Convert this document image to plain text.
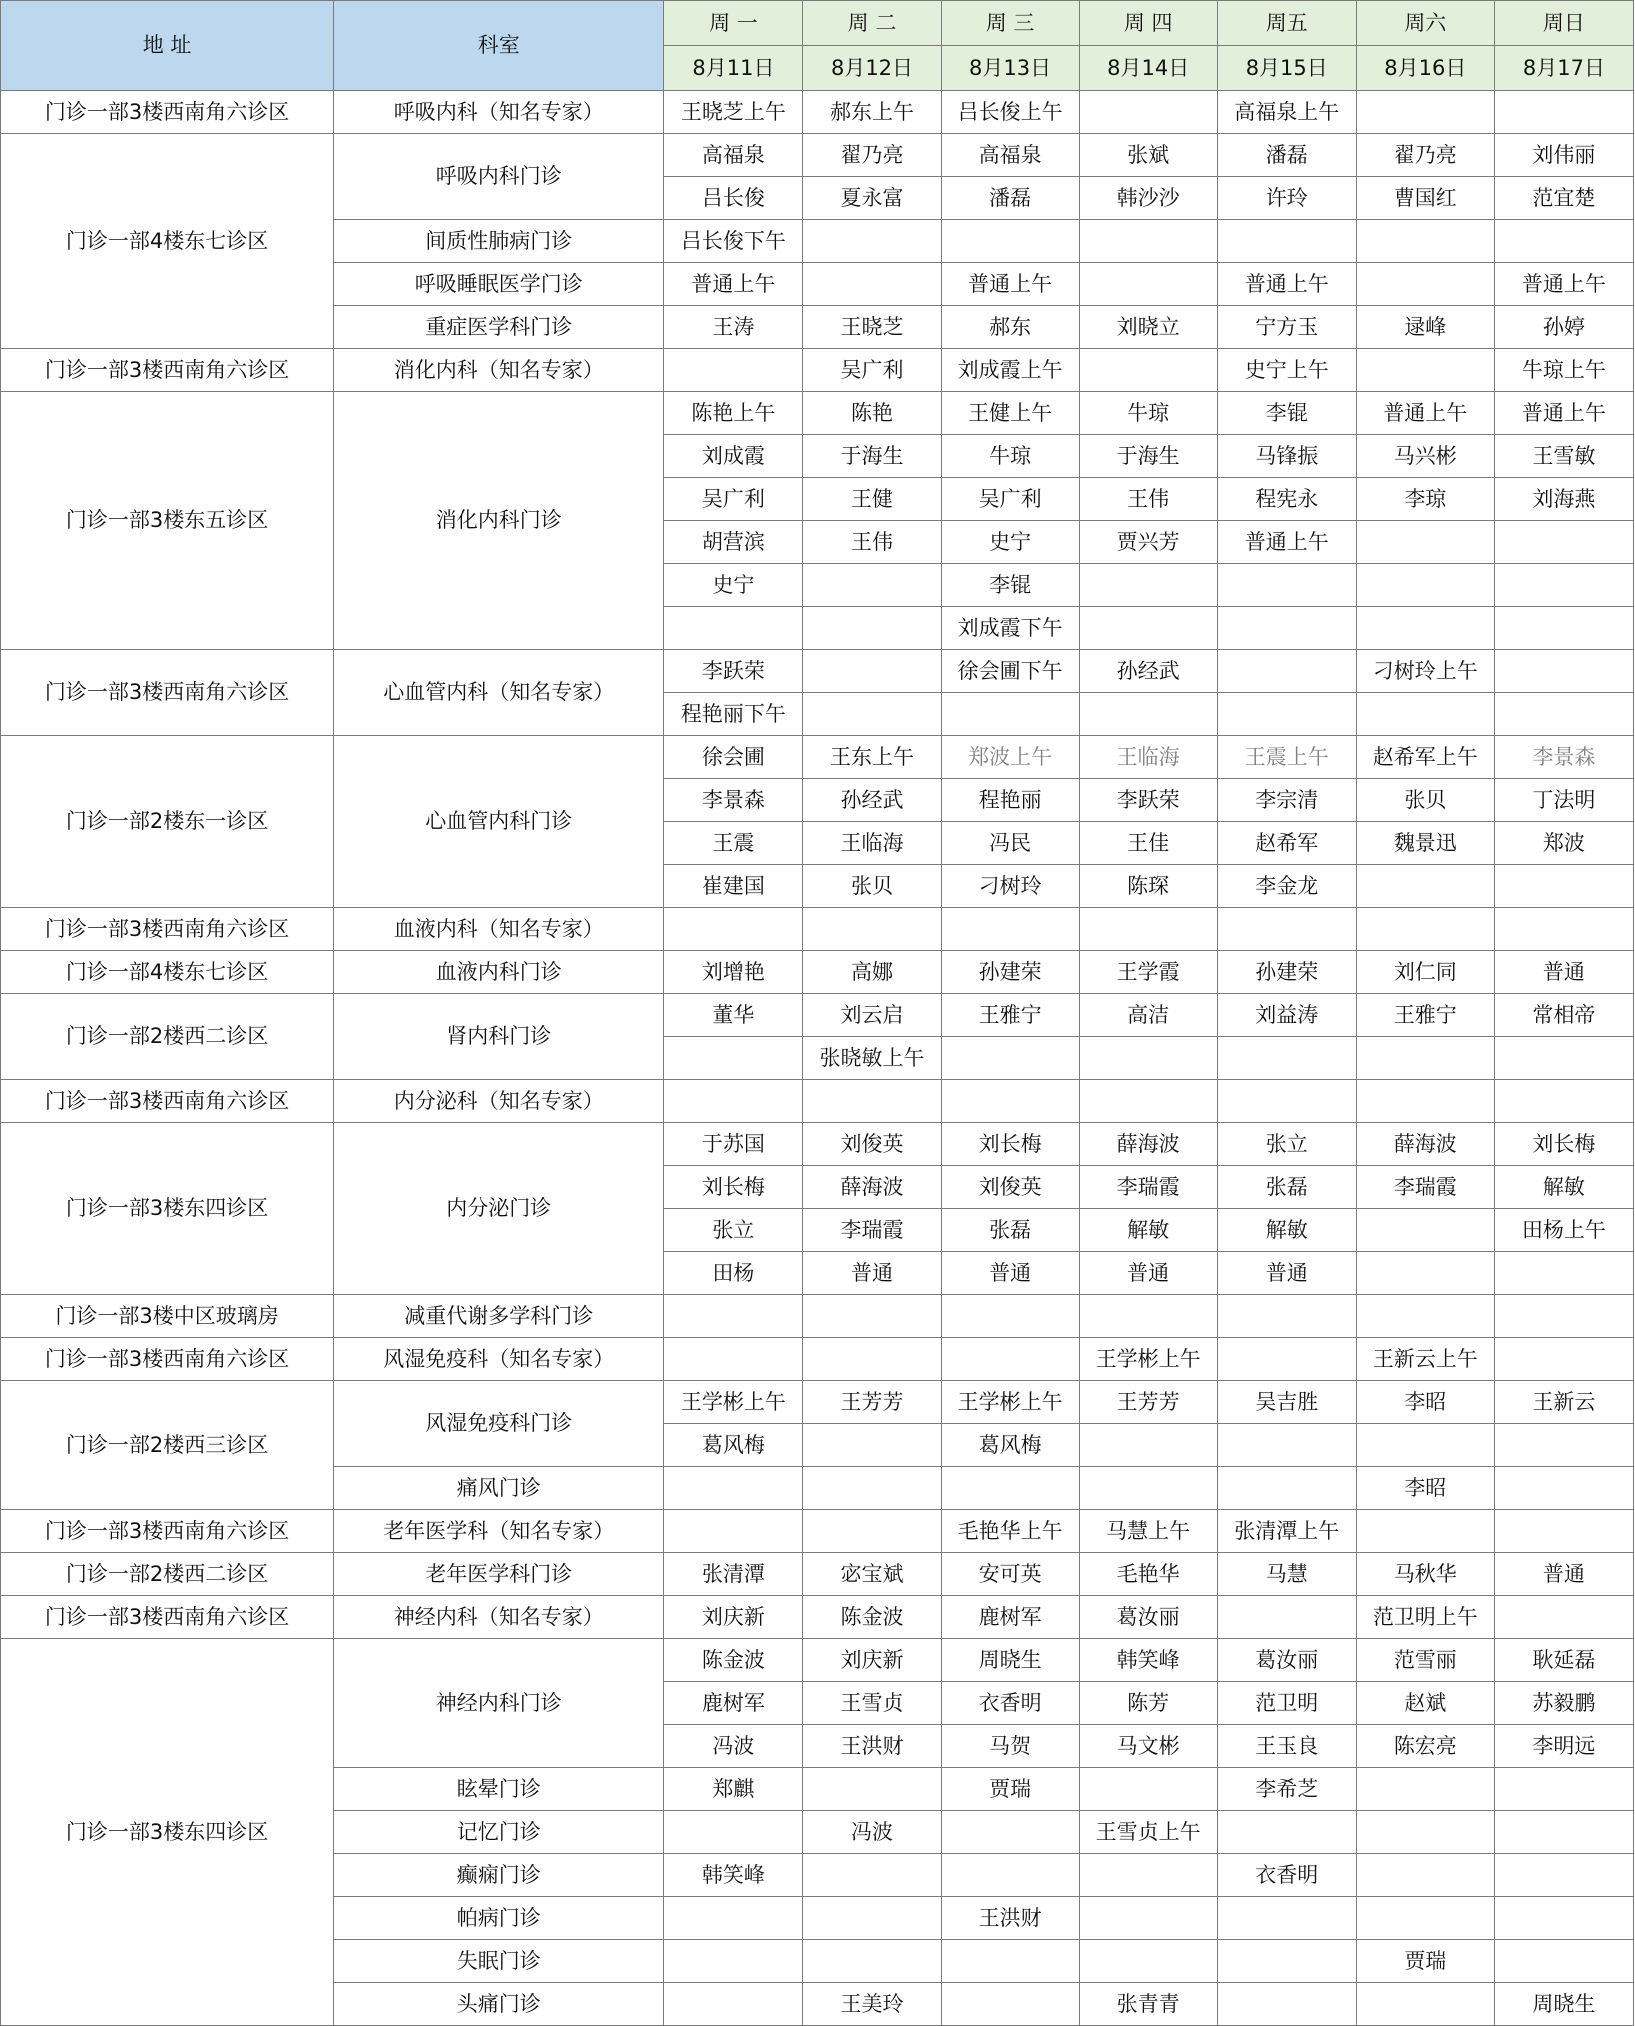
地 址	科室	周 一	周 二	周 三	周 四	周五	周六	周日
		8月11日	8月12日	8月13日	8月14日	8月15日	8月16日	8月17日
门诊一部3楼西南角六诊区	呼吸内科（知名专家）	王晓芝上午	郝东上午	吕长俊上午		高福泉上午		
门诊一部4楼东七诊区	呼吸内科门诊	高福泉	翟乃亮	高福泉	张斌	潘磊	翟乃亮	刘伟丽
		吕长俊	夏永富	潘磊	韩沙沙	许玲	曹国红	范宜楚
	间质性肺病门诊	吕长俊下午						
	呼吸睡眠医学门诊	普通上午		普通上午		普通上午		普通上午
	重症医学科门诊	王涛	王晓芝	郝东	刘晓立	宁方玉	逯峰	孙婷
门诊一部3楼西南角六诊区	消化内科（知名专家）		吴广利	刘成霞上午		史宁上午		牛琼上午
门诊一部3楼东五诊区	消化内科门诊	陈艳上午	陈艳	王健上午	牛琼	李锟	普通上午	普通上午
		刘成霞	于海生	牛琼	于海生	马锋振	马兴彬	王雪敏
		吴广利	王健	吴广利	王伟	程宪永	李琼	刘海燕
		胡营滨	王伟	史宁	贾兴芳	普通上午		
		史宁		李锟				
				刘成霞下午				
门诊一部3楼西南角六诊区	心血管内科（知名专家）	李跃荣		徐会圃下午	孙经武		刁树玲上午	
		程艳丽下午						
门诊一部2楼东一诊区	心血管内科门诊	徐会圃	王东上午	郑波上午	王临海	王震上午	赵希军上午	李景森
		李景森	孙经武	程艳丽	李跃荣	李宗清	张贝	丁法明
		王震	王临海	冯民	王佳	赵希军	魏景迅	郑波
		崔建国	张贝	刁树玲	陈琛	李金龙		
门诊一部3楼西南角六诊区	血液内科（知名专家）							
门诊一部4楼东七诊区	血液内科门诊	刘增艳	高娜	孙建荣	王学霞	孙建荣	刘仁同	普通
门诊一部2楼西二诊区	肾内科门诊	董华	刘云启	王雅宁	高洁	刘益涛	王雅宁	常相帝
			张晓敏上午					
门诊一部3楼西南角六诊区	内分泌科（知名专家）							
门诊一部3楼东四诊区	内分泌门诊	于苏国	刘俊英	刘长梅	薛海波	张立	薛海波	刘长梅
		刘长梅	薛海波	刘俊英	李瑞霞	张磊	李瑞霞	解敏
		张立	李瑞霞	张磊	解敏	解敏		田杨上午
		田杨	普通	普通	普通	普通		
门诊一部3楼中区玻璃房	减重代谢多学科门诊							
门诊一部3楼西南角六诊区	风湿免疫科（知名专家）				王学彬上午		王新云上午	
门诊一部2楼西三诊区	风湿免疫科门诊	王学彬上午	王芳芳	王学彬上午	王芳芳	吴吉胜	李昭	王新云
		葛风梅		葛风梅				
	痛风门诊						李昭	
门诊一部3楼西南角六诊区	老年医学科（知名专家）			毛艳华上午	马慧上午	张清潭上午		
门诊一部2楼西二诊区	老年医学科门诊	张清潭	宓宝斌	安可英	毛艳华	马慧	马秋华	普通
门诊一部3楼西南角六诊区	神经内科（知名专家）	刘庆新	陈金波	鹿树军	葛汝丽		范卫明上午	
门诊一部3楼东四诊区	神经内科门诊	陈金波	刘庆新	周晓生	韩笑峰	葛汝丽	范雪丽	耿延磊
		鹿树军	王雪贞	衣香明	陈芳	范卫明	赵斌	苏毅鹏
		冯波	王洪财	马贺	马文彬	王玉良	陈宏亮	李明远
	眩晕门诊	郑麒		贾瑞		李希芝		
	记忆门诊		冯波		王雪贞上午			
	癫痫门诊	韩笑峰				衣香明		
	帕病门诊			王洪财				
	失眠门诊						贾瑞	
	头痛门诊		王美玲		张青青			周晓生
